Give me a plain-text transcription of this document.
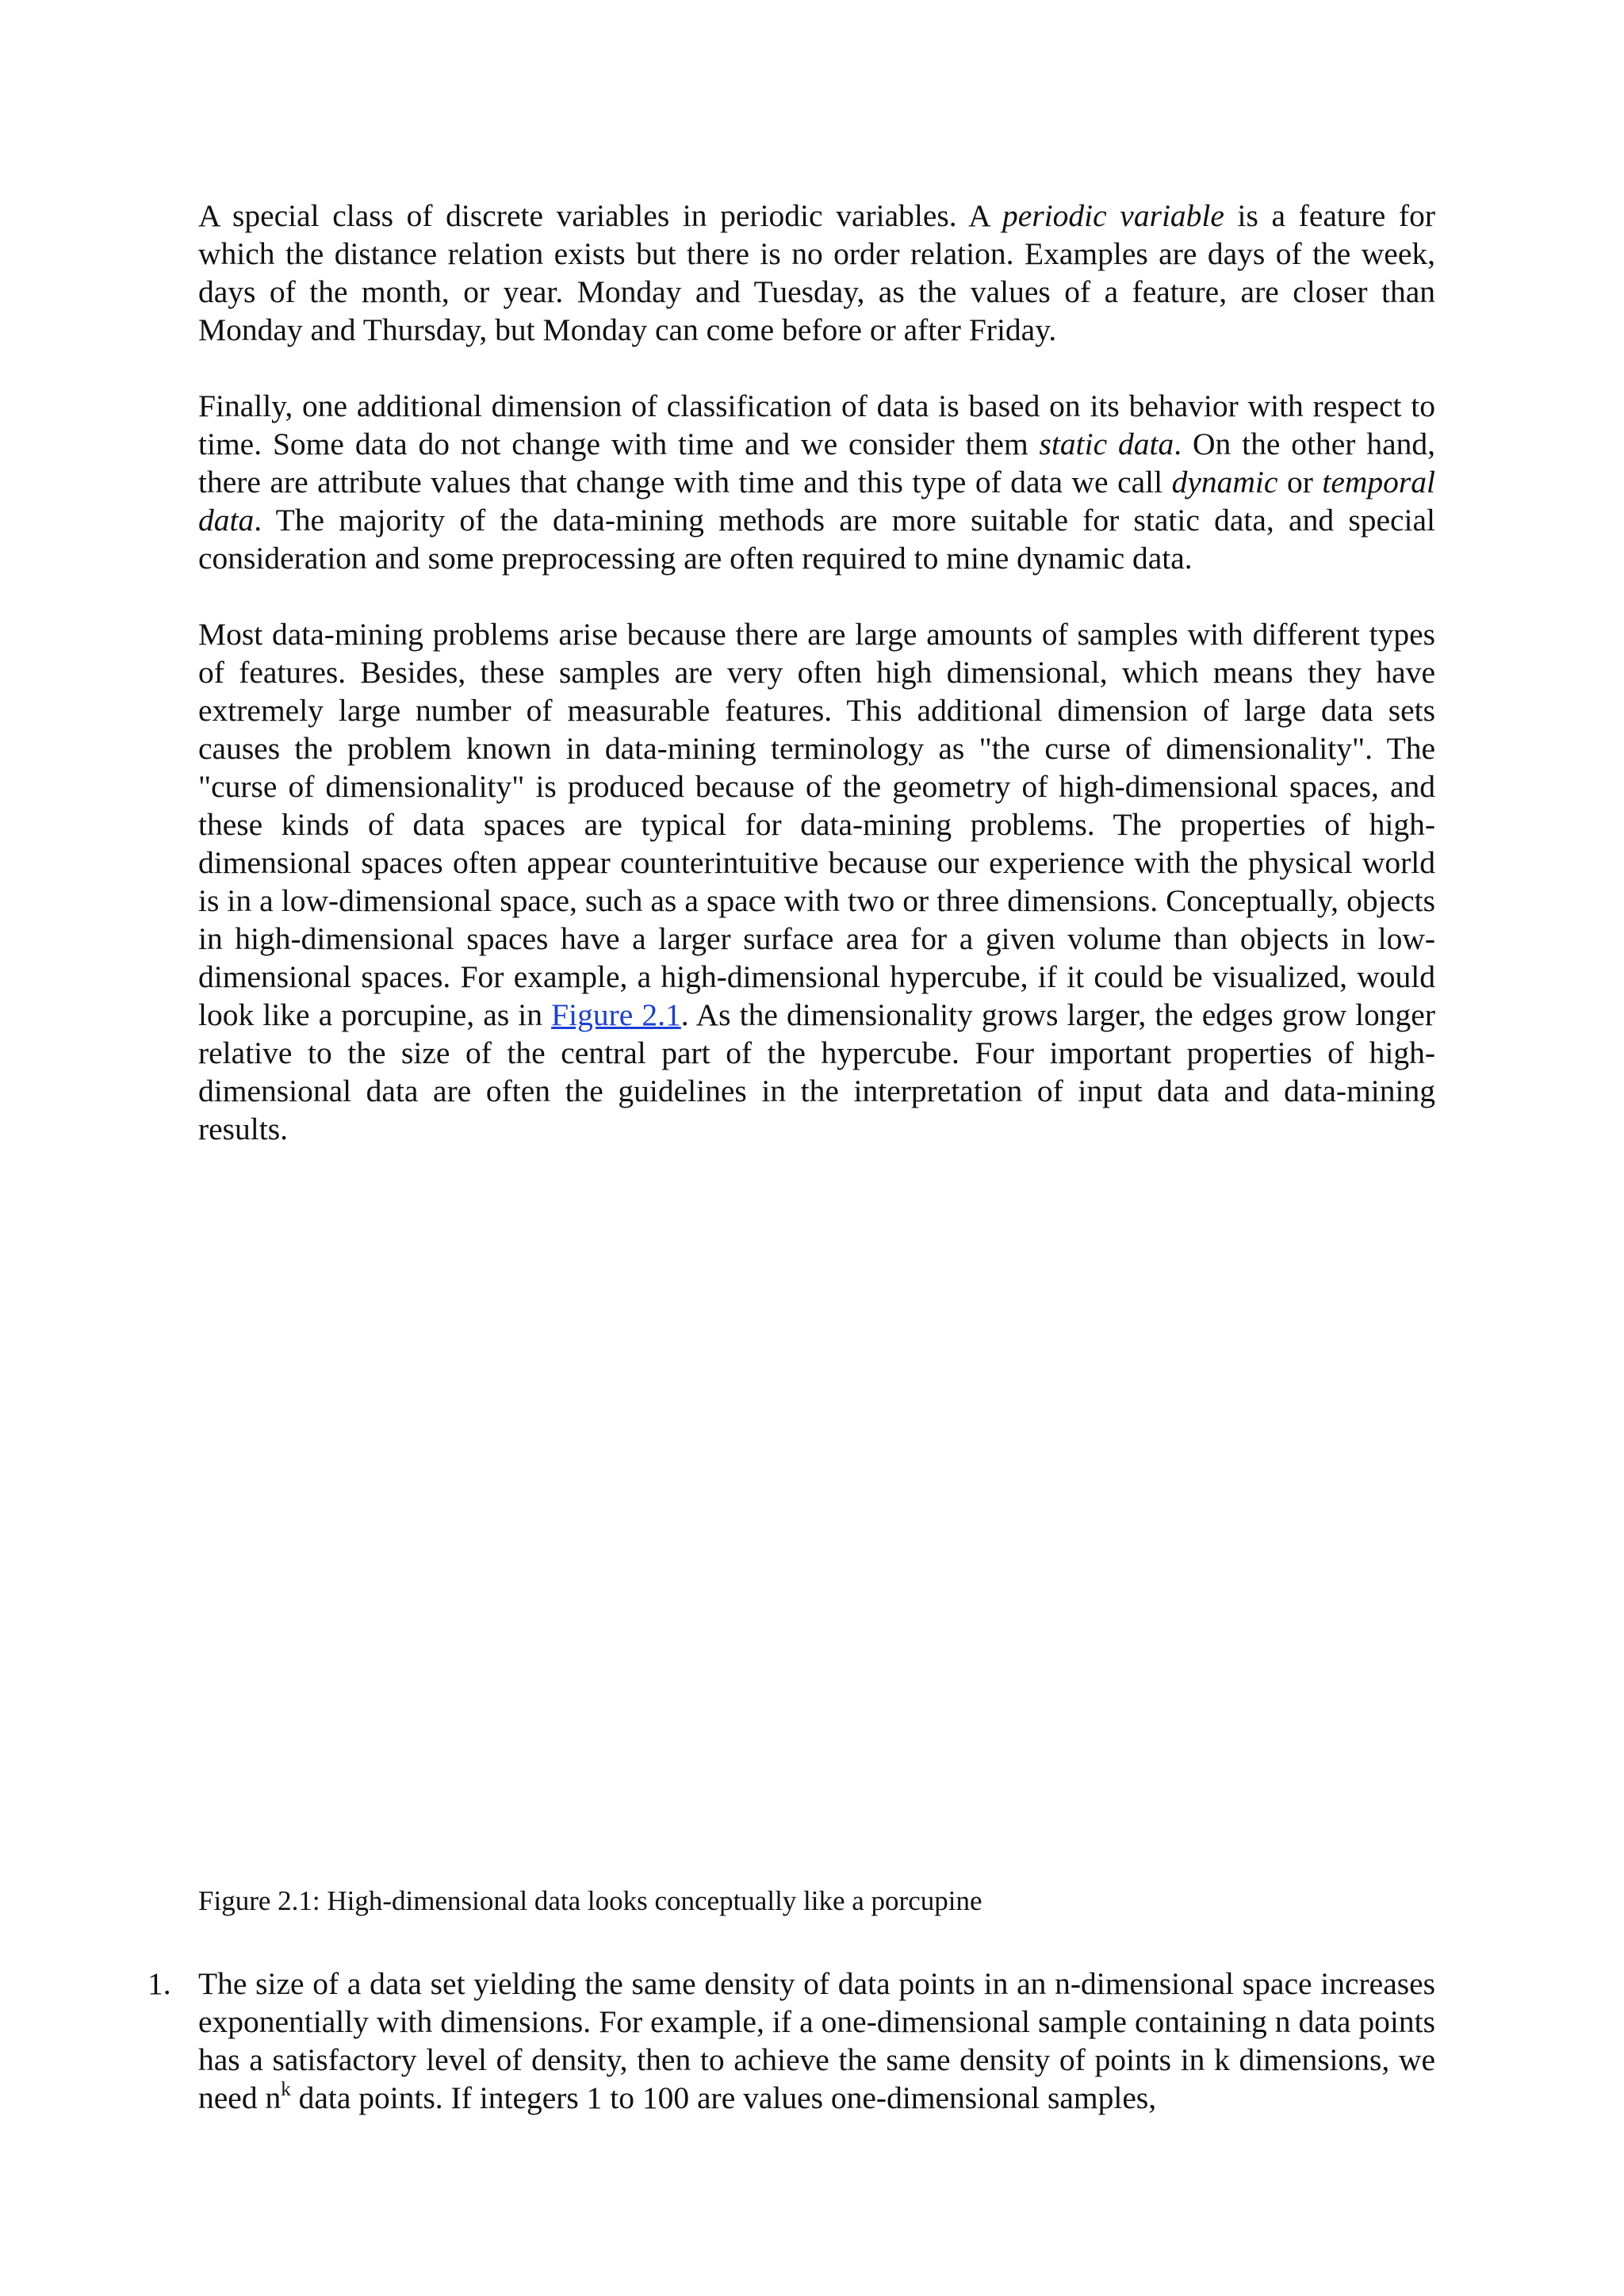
A special class of discrete variables in periodic variables. A periodic variable is a feature for which the distance relation exists but there is no order relation. Examples are days of the week, days of the month, or year. Monday and Tuesday, as the values of a feature, are closer than Monday and Thursday, but Monday can come before or after Friday.

Finally, one additional dimension of classification of data is based on its behavior with respect to time. Some data do not change with time and we consider them static data. On the other hand, there are attribute values that change with time and this type of data we call dynamic or temporal data. The majority of the data-mining methods are more suitable for static data, and special consideration and some preprocessing are often required to mine dynamic data.

Most data-mining problems arise because there are large amounts of samples with different types of features. Besides, these samples are very often high dimensional, which means they have extremely large number of measurable features. This additional dimension of large data sets causes the problem known in data-mining terminology as "the curse of dimensionality". The "curse of dimensionality" is produced because of the geometry of high-dimensional spaces, and these kinds of data spaces are typical for data-mining problems. The properties of high-dimensional spaces often appear counterintuitive because our experience with the physical world is in a low-dimensional space, such as a space with two or three dimensions. Conceptually, objects in high-dimensional spaces have a larger surface area for a given volume than objects in low-dimensional spaces. For example, a high-dimensional hypercube, if it could be visualized, would look like a porcupine, as in Figure 2.1. As the dimensionality grows larger, the edges grow longer relative to the size of the central part of the hypercube. Four important properties of high-dimensional data are often the guidelines in the interpretation of input data and data-mining results.

Figure 2.1: High-dimensional data looks conceptually like a porcupine

1. The size of a data set yielding the same density of data points in an n-dimensional space increases exponentially with dimensions. For example, if a one-dimensional sample containing n data points has a satisfactory level of density, then to achieve the same density of points in k dimensions, we need $n^k$ data points. If integers 1 to 100 are values one-dimensional samples,
